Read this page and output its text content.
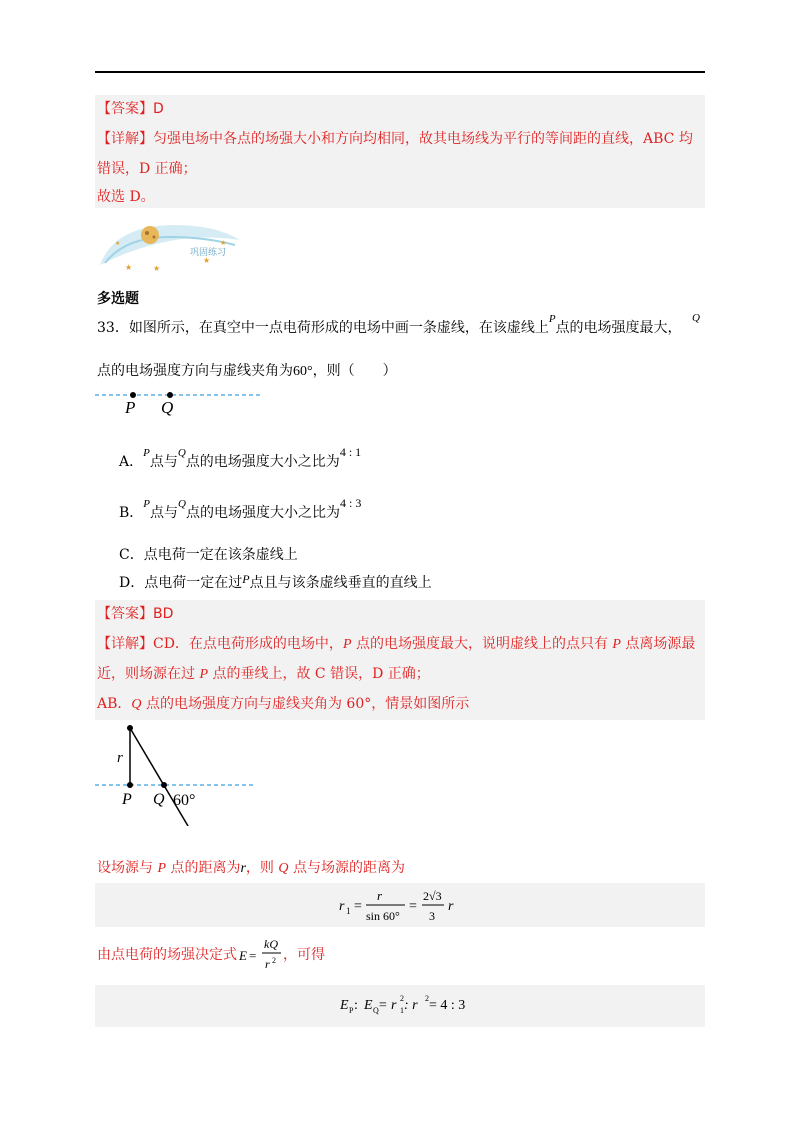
【答案】D
【详解】匀强电场中各点的场强大小和方向均相同，故其电场线为平行的等间距的直线，ABC 均
错误，D 正确；
故选 D。
★	★
★
★
★
巩固练习
多选题
33．如图所示，在真空中一点电荷形成的电场中画一条虚线，在该虚线上$^P$点的电场强度最大，
Q
点的电场强度方向与虚线夹角为60°，则（　　）
P Q
A．$^P$点与$^Q$点的电场强度大小之比为4 : 1
B．$^P$点与$^Q$点的电场强度大小之比为4 : 3
C．点电荷一定在该条虚线上
D．点电荷一定在过P点且与该条虚线垂直的直线上
【答案】BD
【详解】CD．在点电荷形成的电场中，P 点的电场强度最大，说明虚线上的点只有 P 点离场源最
近，则场源在过 P 点的垂线上，故 C 错误，D 正确；
AB．Q 点的电场强度方向与虚线夹角为 60°，情景如图所示
r
P Q 60°
设场源与 P 点的距离为r，则 Q 点与场源的距离为
r 1 =
r
sin 60°
=
2√3
3
r
由点电荷的场强决定式 E =
kQ
r 2 ，可得
E P : E Q = r 1
2 : r 2 = 4 : 3
